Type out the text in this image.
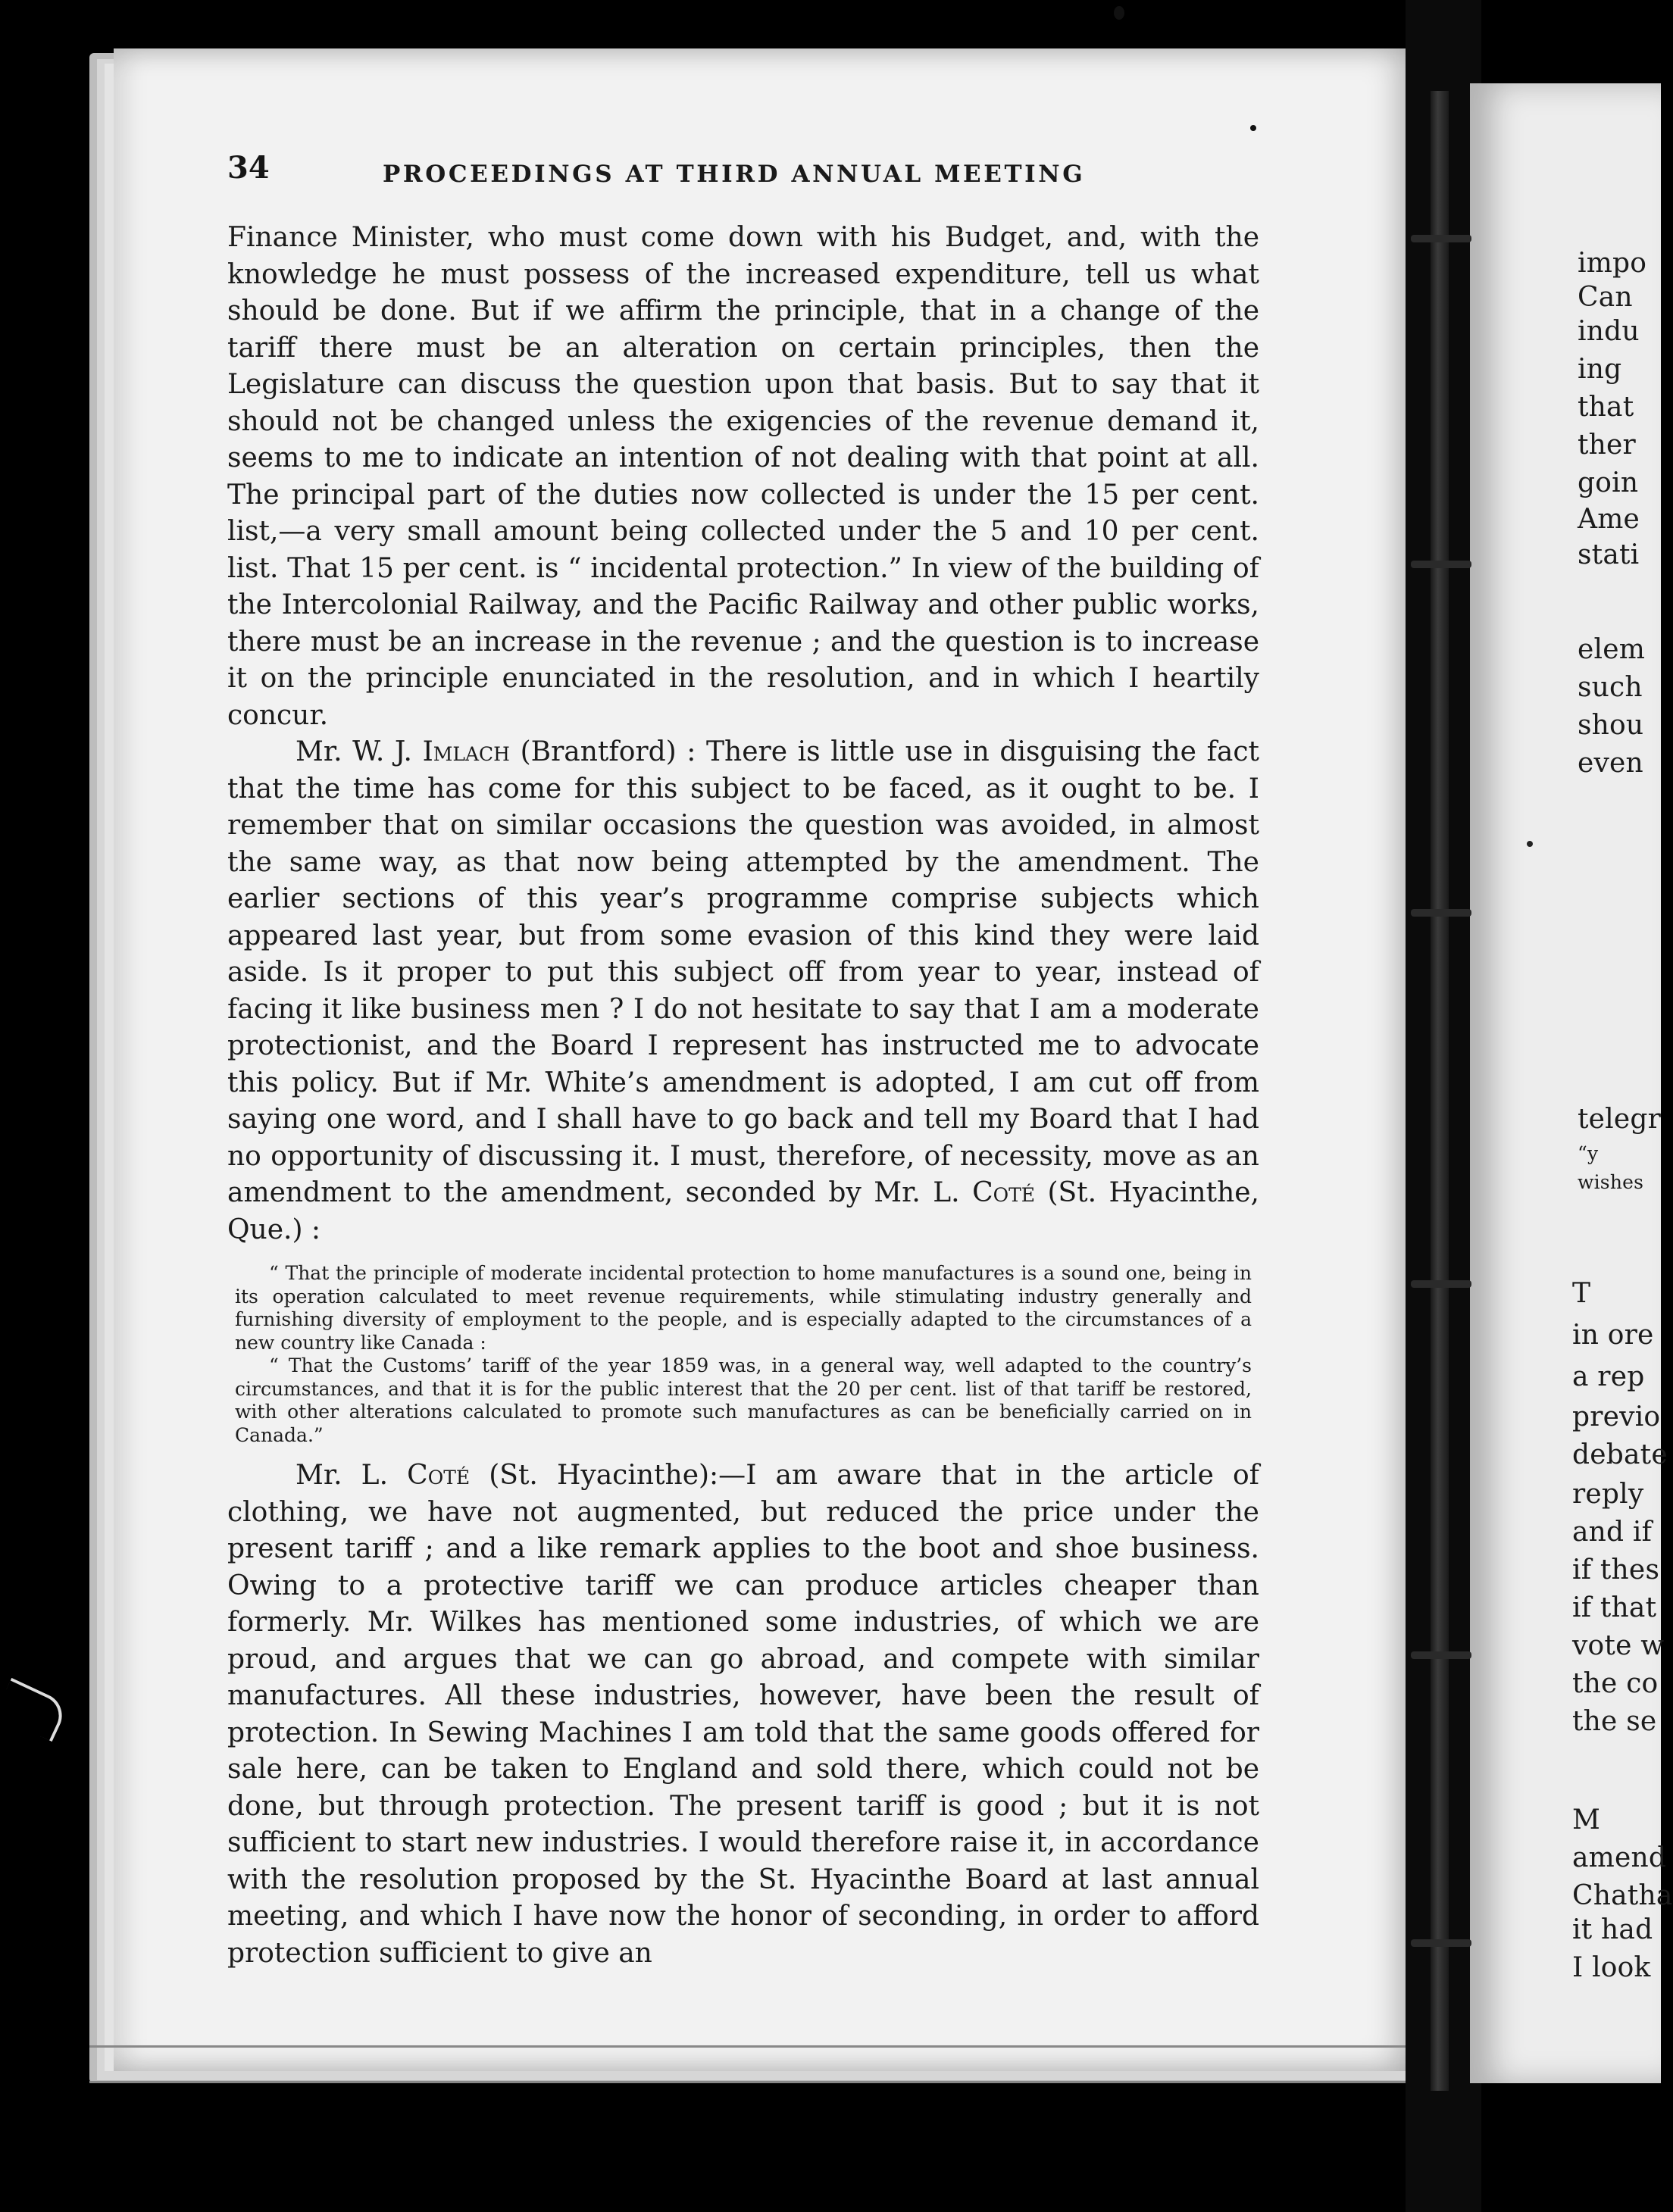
impo
Can
indu
ing
that
ther
goin
Ame
stati
elem
such
shou
even
telegr
“y
wishes
T
in ore
a rep
previo
debate
reply
and if
if thes
if that
vote w
the co
the se
M
amend
Chatha
it had
I look
34	PROCEEDINGS AT THIRD ANNUAL MEETING

Finance Minister, who must come down with his Budget, and, with the knowledge he must possess of the increased expenditure, tell us what should be done. But if we affirm the principle, that in a change of the tariff there must be an alteration on certain principles, then the Legislature can discuss the question upon that basis. But to say that it should not be changed unless the exigencies of the revenue demand it, seems to me to indicate an intention of not dealing with that point at all. The principal part of the duties now collected is under the 15 per cent. list,—a very small amount being collected under the 5 and 10 per cent. list. That 15 per cent. is “ incidental protection.” In view of the building of the Intercolonial Railway, and the Pacific Railway and other public works, there must be an increase in the revenue ; and the question is to increase it on the principle enunciated in the resolution, and in which I heartily concur.

Mr. W. J. Imlach (Brantford) : There is little use in disguising the fact that the time has come for this subject to be faced, as it ought to be. I remember that on similar occasions the question was avoided, in almost the same way, as that now being attempted by the amendment. The earlier sections of this year’s programme comprise subjects which appeared last year, but from some evasion of this kind they were laid aside. Is it proper to put this subject off from year to year, instead of facing it like business men ? I do not hesitate to say that I am a moderate protectionist, and the Board I represent has instructed me to advocate this policy. But if Mr. White’s amendment is adopted, I am cut off from saying one word, and I shall have to go back and tell my Board that I had no opportunity of discussing it. I must, therefore, of necessity, move as an amendment to the amendment, seconded by Mr. L. Coté (St. Hyacinthe, Que.) :

“ That the principle of moderate incidental protection to home manufactures is a sound one, being in its operation calculated to meet revenue requirements, while stimulating industry generally and furnishing diversity of employment to the people, and is especially adapted to the circumstances of a new country like Canada :

“ That the Customs’ tariff of the year 1859 was, in a general way, well adapted to the country’s circumstances, and that it is for the public interest that the 20 per cent. list of that tariff be restored, with other alterations calculated to promote such manufactures as can be beneficially carried on in Canada.”

Mr. L. Coté (St. Hyacinthe):—I am aware that in the article of clothing, we have not augmented, but reduced the price under the present tariff ; and a like remark applies to the boot and shoe business. Owing to a protective tariff we can produce articles cheaper than formerly. Mr. Wilkes has mentioned some industries, of which we are proud, and argues that we can go abroad, and compete with similar manufactures. All these industries, however, have been the result of protection. In Sewing Machines I am told that the same goods offered for sale here, can be taken to England and sold there, which could not be done, but through protection. The present tariff is good ; but it is not sufficient to start new industries. I would therefore raise it, in accordance with the resolution proposed by the St. Hyacinthe Board at last annual meeting, and which I have now the honor of seconding, in order to afford protection sufficient to give an
